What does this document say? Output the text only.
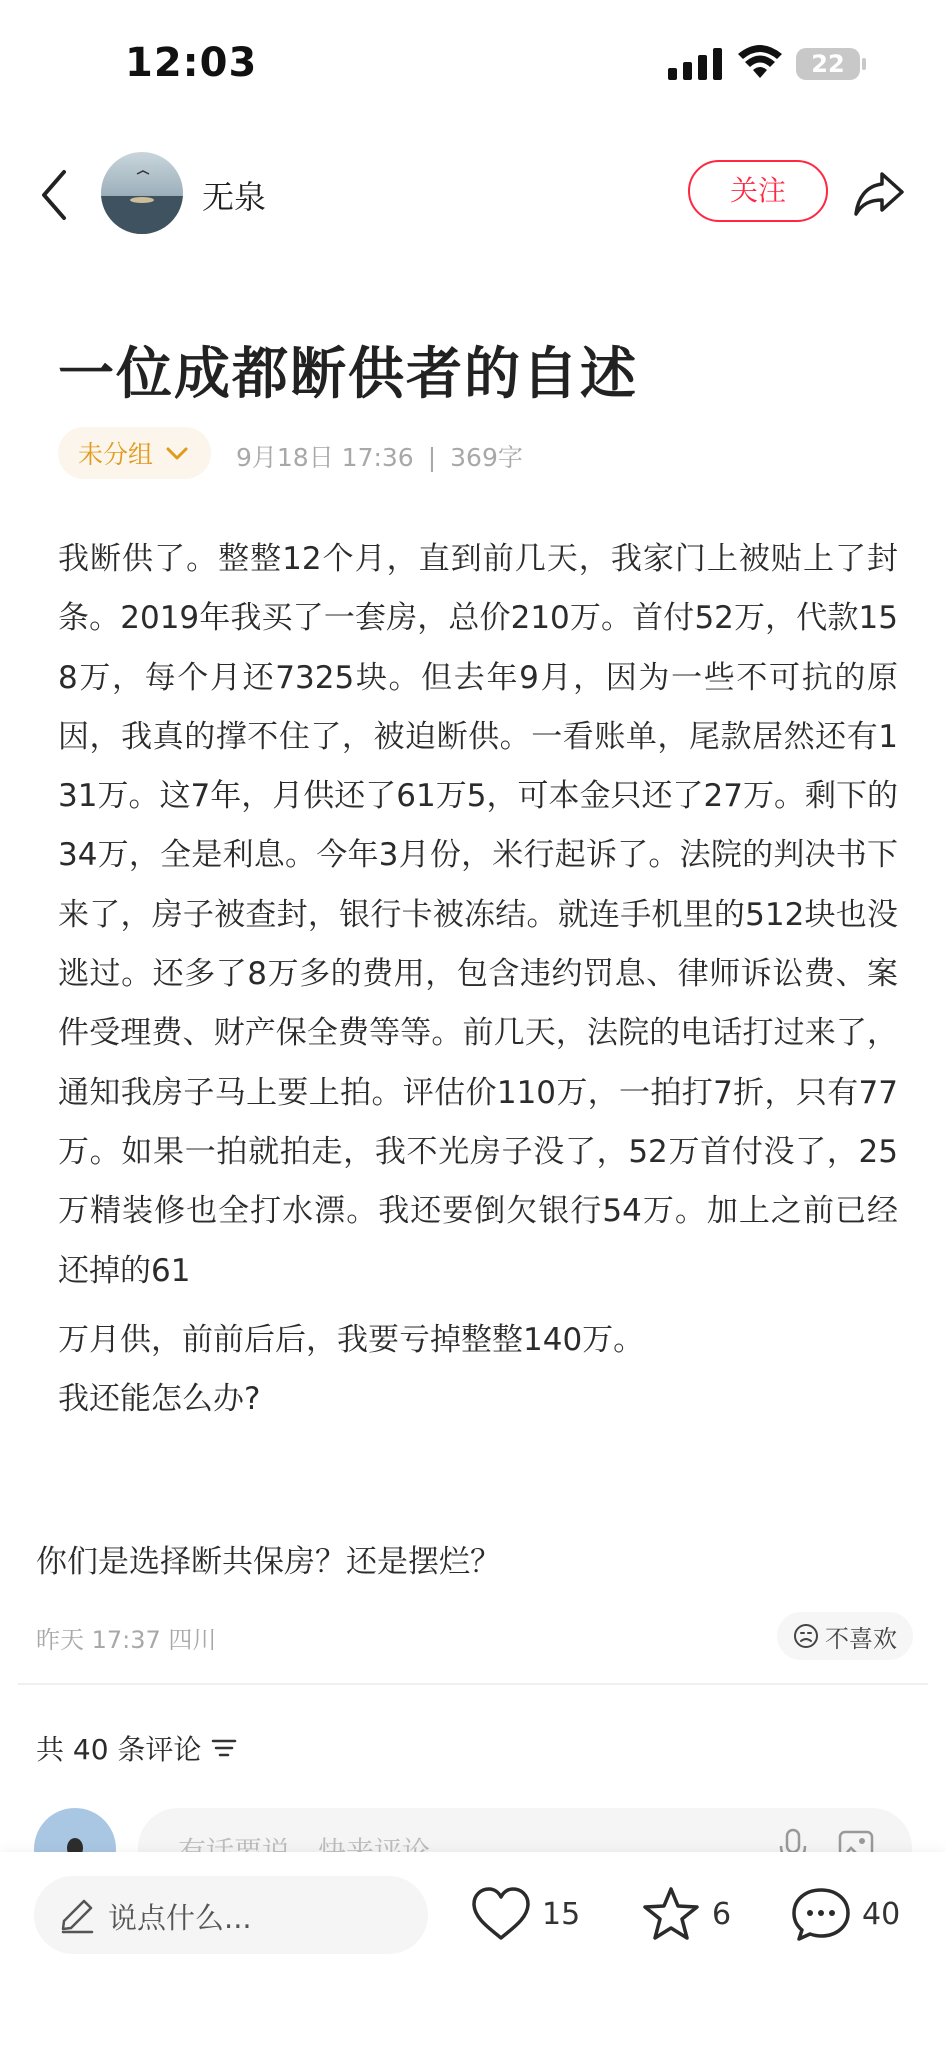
12:03	22
无泉	关注
一位成都断供者的自述
未分组	9月18日 17:36 | 369字
我断供了。整整12个月，直到前几天，我家门上被贴上了封条。2019年我买了一套房，总价210万。首付52万，代款158万，每个月还7325块。但去年9月，因为一些不可抗的原因，我真的撑不住了，被迫断供。一看账单，尾款居然还有131万。这7年，月供还了61万5，可本金只还了27万。剩下的34万，全是利息。今年3月份，米行起诉了。法院的判决书下来了，房子被查封，银行卡被冻结。就连手机里的512块也没逃过。还多了8万多的费用，包含违约罚息、律师诉讼费、案件受理费、财产保全费等等。前几天，法院的电话打过来了，通知我房子马上要上拍。评估价110万，一拍打7折，只有77万。如果一拍就拍走，我不光房子没了，52万首付没了，25万精装修也全打水漂。我还要倒欠银行54万。加上之前已经还掉的61
万月供，前前后后，我要亏掉整整140万。
我还能怎么办?
你们是选择断共保房？还是摆烂？
昨天 17:37 四川	不喜欢
共 40 条评论
说点什么...	15	6	40
